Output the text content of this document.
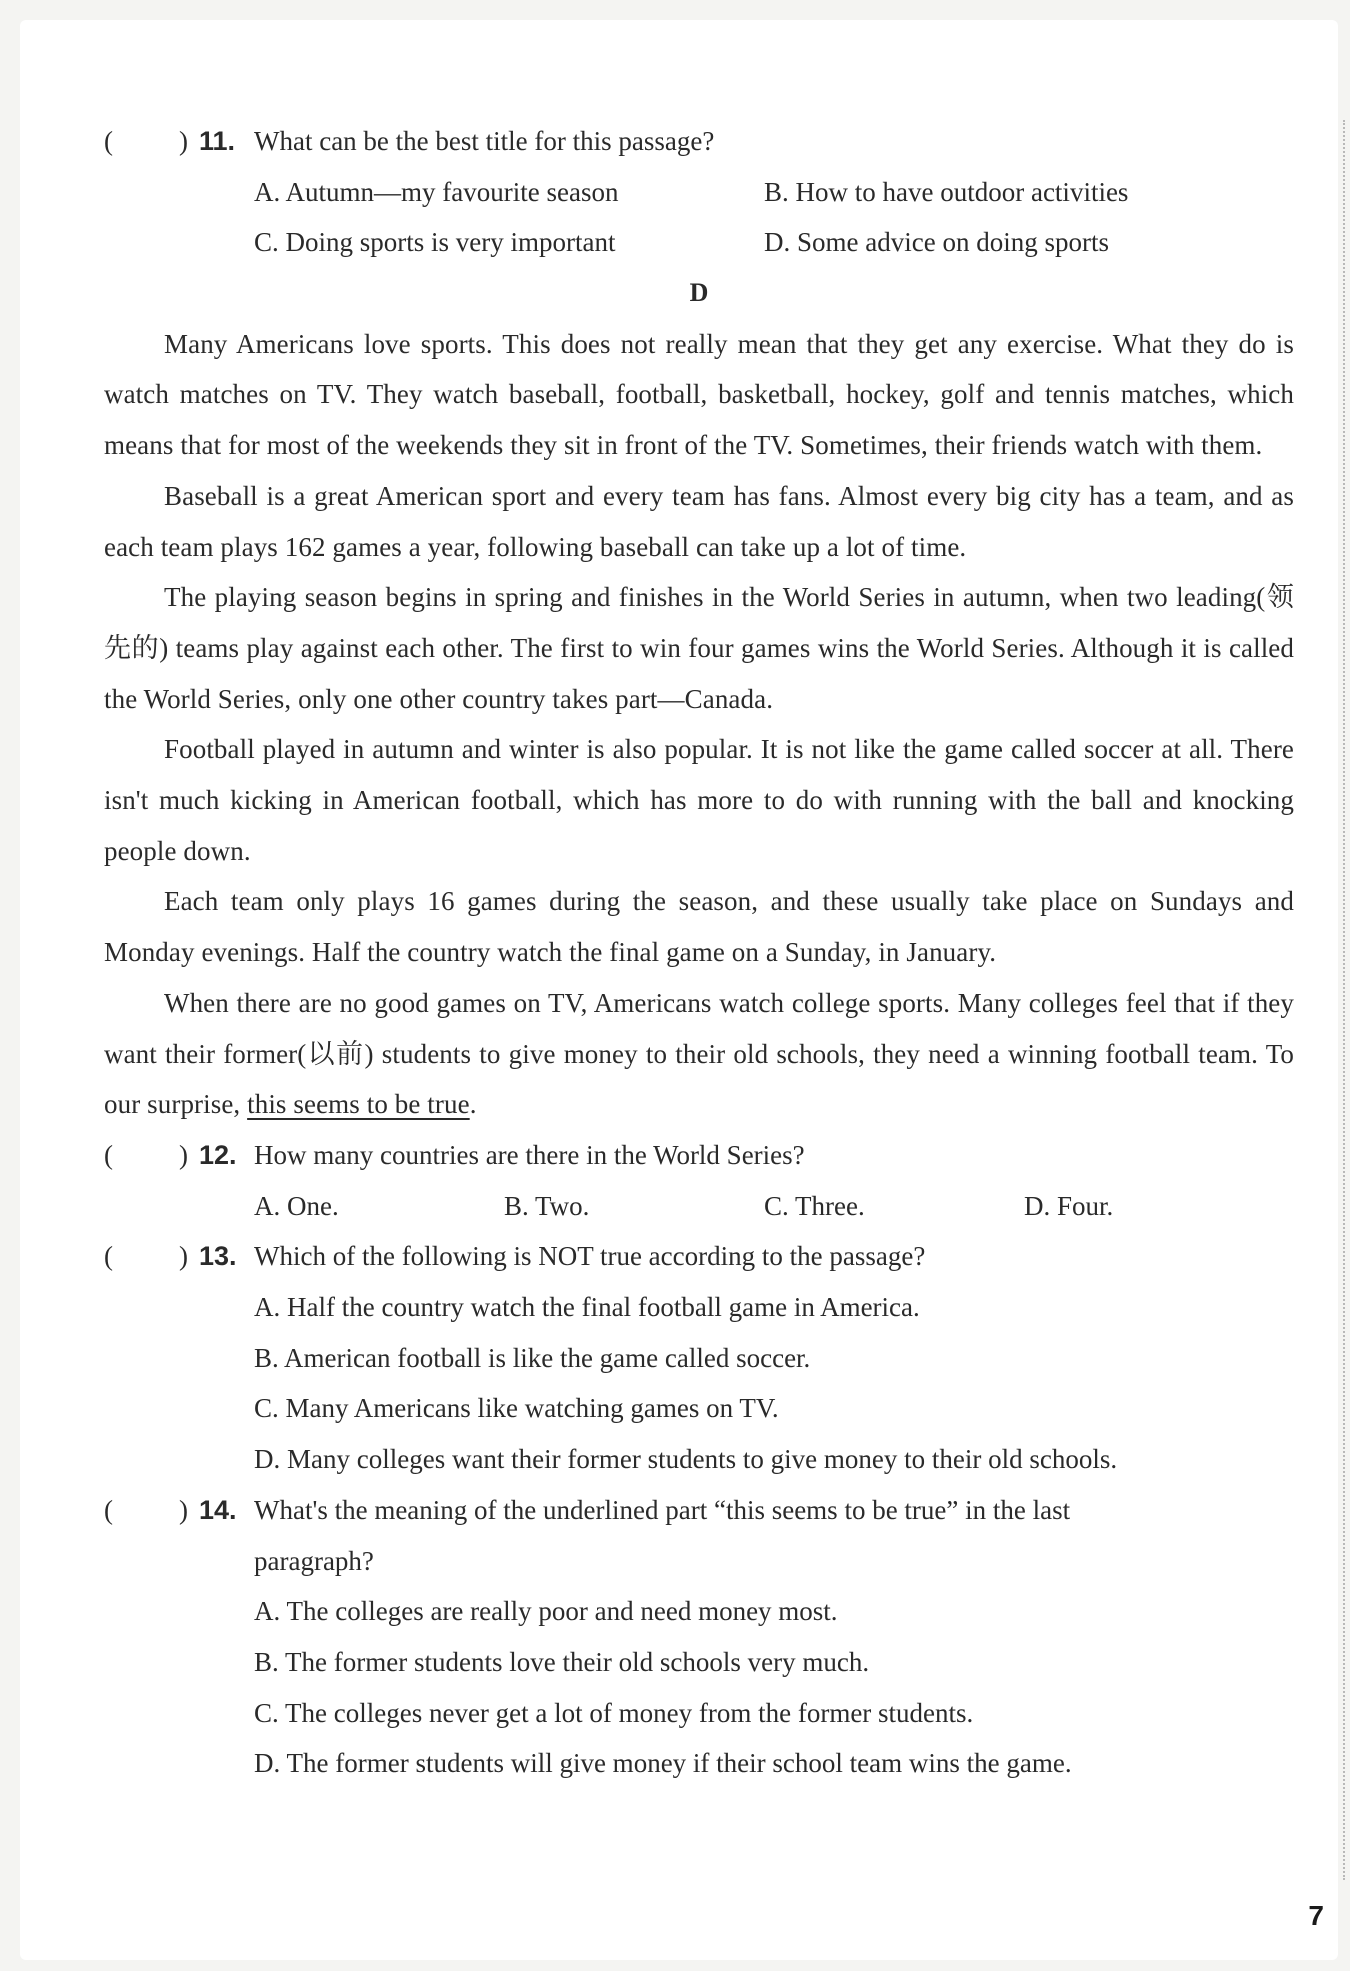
( ) 11. What can be the best title for this passage?
A. Autumn—my favourite season	B. How to have outdoor activities
C. Doing sports is very important	D. Some advice on doing sports
D

Many Americans love sports. This does not really mean that they get any exercise. What they do is watch matches on TV. They watch baseball, football, basketball, hockey, golf and tennis matches, which means that for most of the weekends they sit in front of the TV. Sometimes, their friends watch with them.

Baseball is a great American sport and every team has fans. Almost every big city has a team, and as each team plays 162 games a year, following baseball can take up a lot of time.

The playing season begins in spring and finishes in the World Series in autumn, when two leading(领先的) teams play against each other. The first to win four games wins the World Series. Although it is called the World Series, only one other country takes part—Canada.

Football played in autumn and winter is also popular. It is not like the game called soccer at all. There isn't much kicking in American football, which has more to do with running with the ball and knocking people down.

Each team only plays 16 games during the season, and these usually take place on Sundays and Monday evenings. Half the country watch the final game on a Sunday, in January.

When there are no good games on TV, Americans watch college sports. Many colleges feel that if they want their former(以前) students to give money to their old schools, they need a winning football team. To our surprise, this seems to be true.

( ) 12. How many countries are there in the World Series?
A. One.	B. Two.	C. Three.	D. Four.
( ) 13. Which of the following is NOT true according to the passage?
A. Half the country watch the final football game in America.
B. American football is like the game called soccer.
C. Many Americans like watching games on TV.
D. Many colleges want their former students to give money to their old schools.
( ) 14. What's the meaning of the underlined part “this seems to be true” in the last
paragraph?
A. The colleges are really poor and need money most.
B. The former students love their old schools very much.
C. The colleges never get a lot of money from the former students.
D. The former students will give money if their school team wins the game.
7
